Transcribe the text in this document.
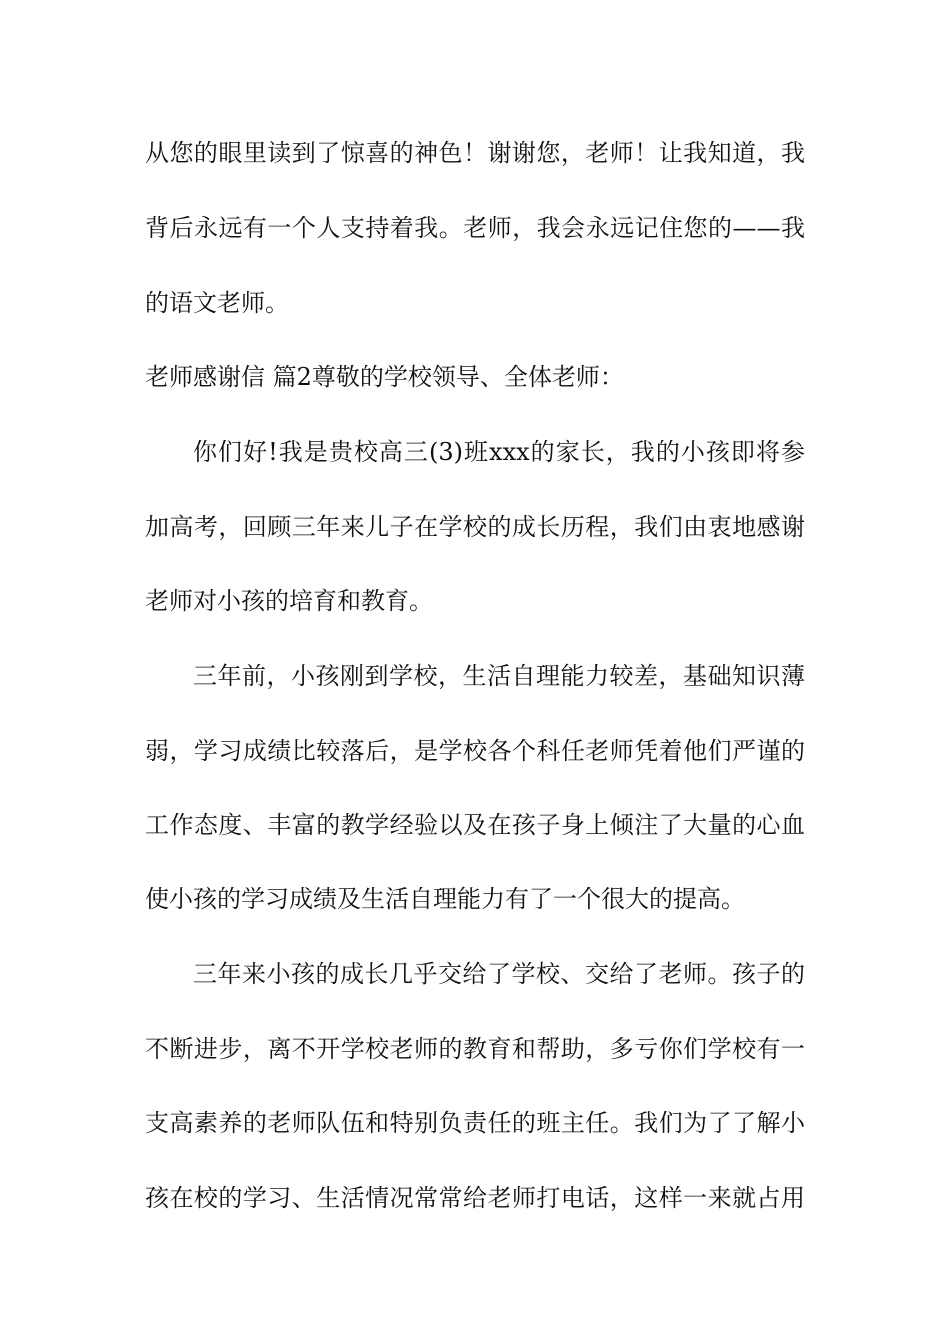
从您的眼里读到了惊喜的神色！谢谢您，老师！让我知道，我
背后永远有一个人支持着我。老师，我会永远记住您的——我
的语文老师。
老师感谢信 篇2尊敬的学校领导、全体老师：
你们好!我是贵校高三(3)班xxx的家长，我的小孩即将参
加高考，回顾三年来儿子在学校的成长历程，我们由衷地感谢
老师对小孩的培育和教育。
三年前，小孩刚到学校，生活自理能力较差，基础知识薄
弱，学习成绩比较落后，是学校各个科任老师凭着他们严谨的
工作态度、丰富的教学经验以及在孩子身上倾注了大量的心血
使小孩的学习成绩及生活自理能力有了一个很大的提高。
三年来小孩的成长几乎交给了学校、交给了老师。孩子的
不断进步，离不开学校老师的教育和帮助，多亏你们学校有一
支高素养的老师队伍和特别负责任的班主任。我们为了了解小
孩在校的学习、生活情况常常给老师打电话，这样一来就占用
